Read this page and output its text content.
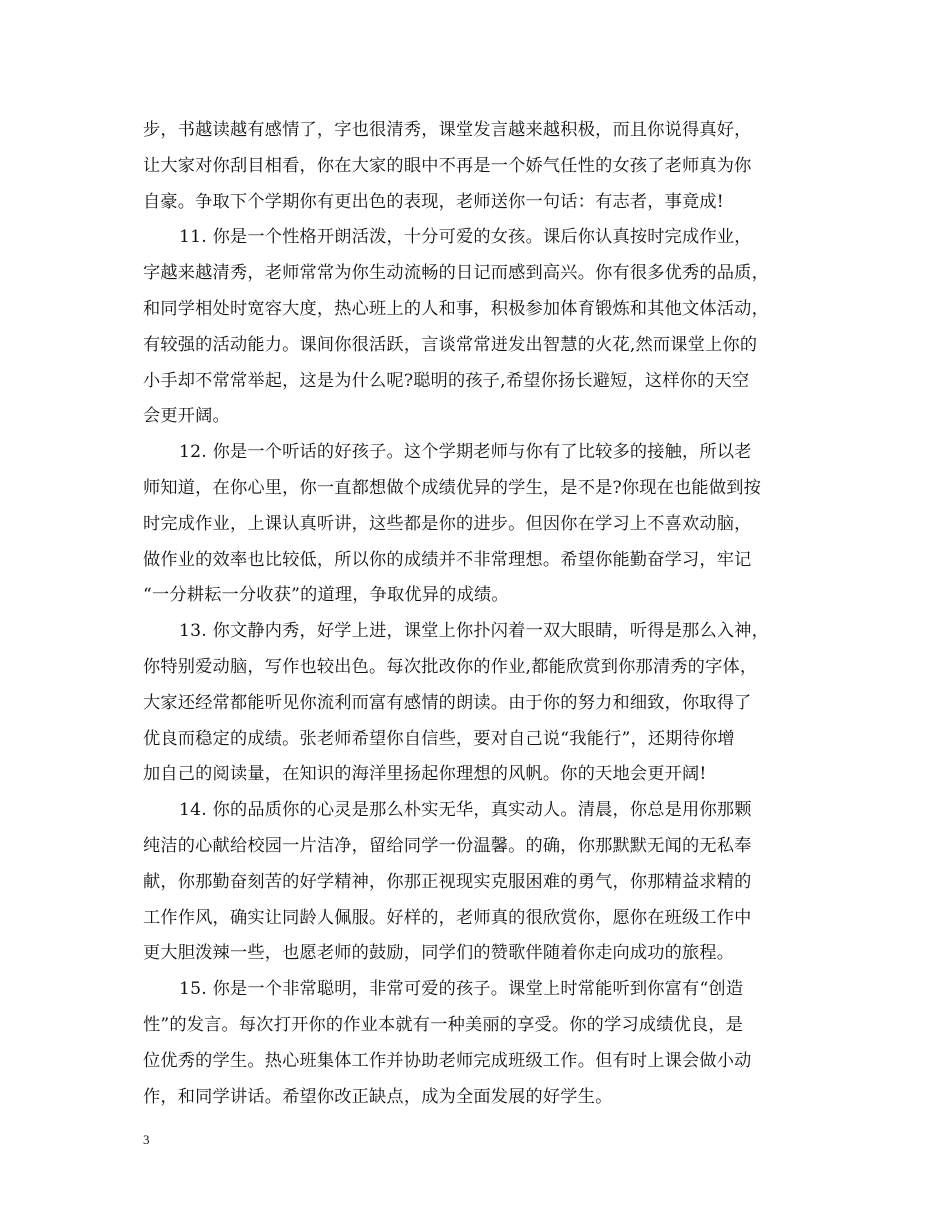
步，书越读越有感情了，字也很清秀，课堂发言越来越积极，而且你说得真好，
让大家对你刮目相看，你在大家的眼中不再是一个娇气任性的女孩了老师真为你
自豪。争取下个学期你有更出色的表现，老师送你一句话：有志者，事竟成!
11. 你是一个性格开朗活泼，十分可爱的女孩。课后你认真按时完成作业，
字越来越清秀，老师常常为你生动流畅的日记而感到高兴。你有很多优秀的品质，
和同学相处时宽容大度，热心班上的人和事，积极参加体育锻炼和其他文体活动，
有较强的活动能力。课间你很活跃，言谈常常迸发出智慧的火花,然而课堂上你的
小手却不常常举起，这是为什么呢?聪明的孩子,希望你扬长避短，这样你的天空
会更开阔。
12. 你是一个听话的好孩子。这个学期老师与你有了比较多的接触，所以老
师知道，在你心里，你一直都想做个成绩优异的学生，是不是?你现在也能做到按
时完成作业，上课认真听讲，这些都是你的进步。但因你在学习上不喜欢动脑，
做作业的效率也比较低，所以你的成绩并不非常理想。希望你能勤奋学习，牢记
“一分耕耘一分收获”的道理，争取优异的成绩。
13. 你文静内秀，好学上进，课堂上你扑闪着一双大眼睛，听得是那么入神，
你特别爱动脑，写作也较出色。每次批改你的作业,都能欣赏到你那清秀的字体，
大家还经常都能听见你流利而富有感情的朗读。由于你的努力和细致，你取得了
优良而稳定的成绩。张老师希望你自信些，要对自己说“我能行”，还期待你增
加自己的阅读量，在知识的海洋里扬起你理想的风帆。你的天地会更开阔!
14. 你的品质你的心灵是那么朴实无华，真实动人。清晨，你总是用你那颗
纯洁的心献给校园一片洁净，留给同学一份温馨。的确，你那默默无闻的无私奉
献，你那勤奋刻苦的好学精神，你那正视现实克服困难的勇气，你那精益求精的
工作作风，确实让同龄人佩服。好样的，老师真的很欣赏你，愿你在班级工作中
更大胆泼辣一些，也愿老师的鼓励，同学们的赞歌伴随着你走向成功的旅程。
15. 你是一个非常聪明，非常可爱的孩子。课堂上时常能听到你富有“创造
性”的发言。每次打开你的作业本就有一种美丽的享受。你的学习成绩优良，是
位优秀的学生。热心班集体工作并协助老师完成班级工作。但有时上课会做小动
作，和同学讲话。希望你改正缺点，成为全面发展的好学生。
3
